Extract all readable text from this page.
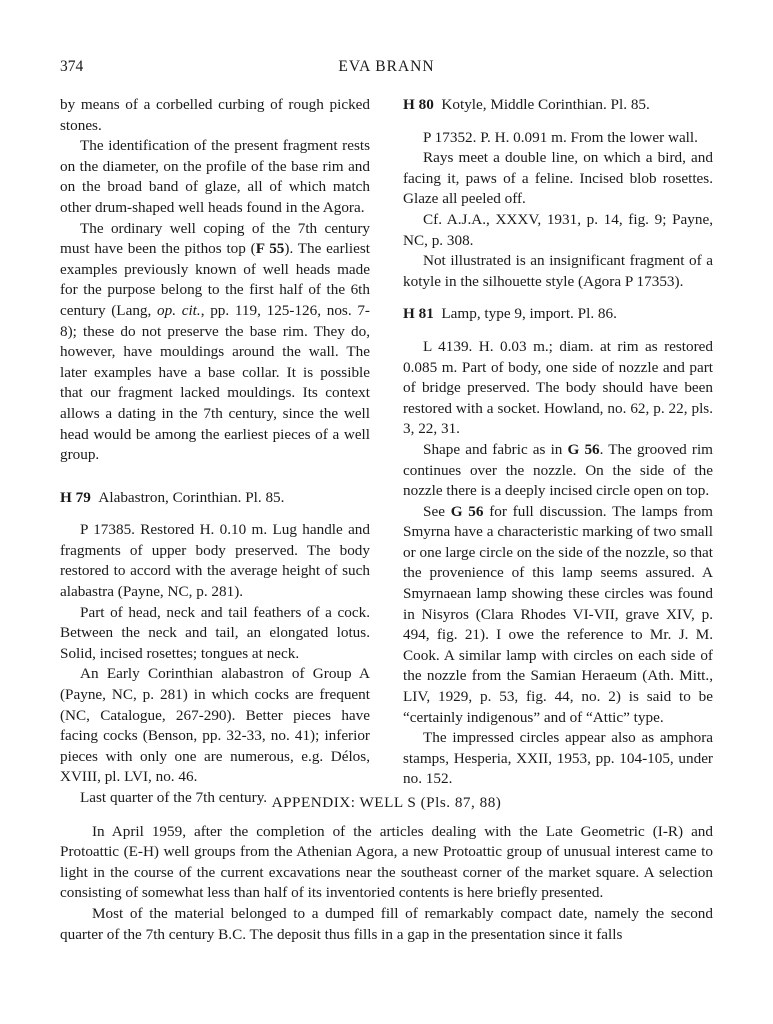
374	EVA BRANN

by means of a corbelled curbing of rough picked stones.

The identification of the present fragment rests on the diameter, on the profile of the base rim and on the broad band of glaze, all of which match other drum-shaped well heads found in the Agora.

The ordinary well coping of the 7th century must have been the pithos top (F 55). The earliest examples previously known of well heads made for the purpose belong to the first half of the 6th century (Lang, op. cit., pp. 119, 125-126, nos. 7-8); these do not preserve the base rim. They do, however, have mouldings around the wall. The later examples have a base collar. It is possible that our fragment lacked mouldings. Its context allows a dating in the 7th century, since the well head would be among the earliest pieces of a well group.

H 79 Alabastron, Corinthian. Pl. 85.

P 17385. Restored H. 0.10 m. Lug handle and fragments of upper body preserved. The body restored to accord with the average height of such alabastra (Payne, NC, p. 281).

Part of head, neck and tail feathers of a cock. Between the neck and tail, an elongated lotus. Solid, incised rosettes; tongues at neck.

An Early Corinthian alabastron of Group A (Payne, NC, p. 281) in which cocks are frequent (NC, Catalogue, 267-290). Better pieces have facing cocks (Benson, pp. 32-33, no. 41); inferior pieces with only one are numerous, e.g. Délos, XVIII, pl. LVI, no. 46.

Last quarter of the 7th century.

H 80 Kotyle, Middle Corinthian. Pl. 85.

P 17352. P. H. 0.091 m. From the lower wall.

Rays meet a double line, on which a bird, and facing it, paws of a feline. Incised blob rosettes. Glaze all peeled off.

Cf. A.J.A., XXXV, 1931, p. 14, fig. 9; Payne, NC, p. 308.

Not illustrated is an insignificant fragment of a kotyle in the silhouette style (Agora P 17353).

H 81 Lamp, type 9, import. Pl. 86.

L 4139. H. 0.03 m.; diam. at rim as restored 0.085 m. Part of body, one side of nozzle and part of bridge preserved. The body should have been restored with a socket. Howland, no. 62, p. 22, pls. 3, 22, 31.

Shape and fabric as in G 56. The grooved rim continues over the nozzle. On the side of the nozzle there is a deeply incised circle open on top.

See G 56 for full discussion. The lamps from Smyrna have a characteristic marking of two small or one large circle on the side of the nozzle, so that the provenience of this lamp seems assured. A Smyrnaean lamp showing these circles was found in Nisyros (Clara Rhodes VI-VII, grave XIV, p. 494, fig. 21). I owe the reference to Mr. J. M. Cook. A similar lamp with circles on each side of the nozzle from the Samian Heraeum (Ath. Mitt., LIV, 1929, p. 53, fig. 44, no. 2) is said to be “certainly indigenous” and of “Attic” type.

The impressed circles appear also as amphora stamps, Hesperia, XXII, 1953, pp. 104-105, under no. 152.

APPENDIX: WELL S (Pls. 87, 88)

In April 1959, after the completion of the articles dealing with the Late Geometric (I-R) and Protoattic (E-H) well groups from the Athenian Agora, a new Protoattic group of unusual interest came to light in the course of the current excavations near the southeast corner of the market square. A selection consisting of somewhat less than half of its inventoried contents is here briefly presented.

Most of the material belonged to a dumped fill of remarkably compact date, namely the second quarter of the 7th century B.C. The deposit thus fills in a gap in the presentation since it falls
